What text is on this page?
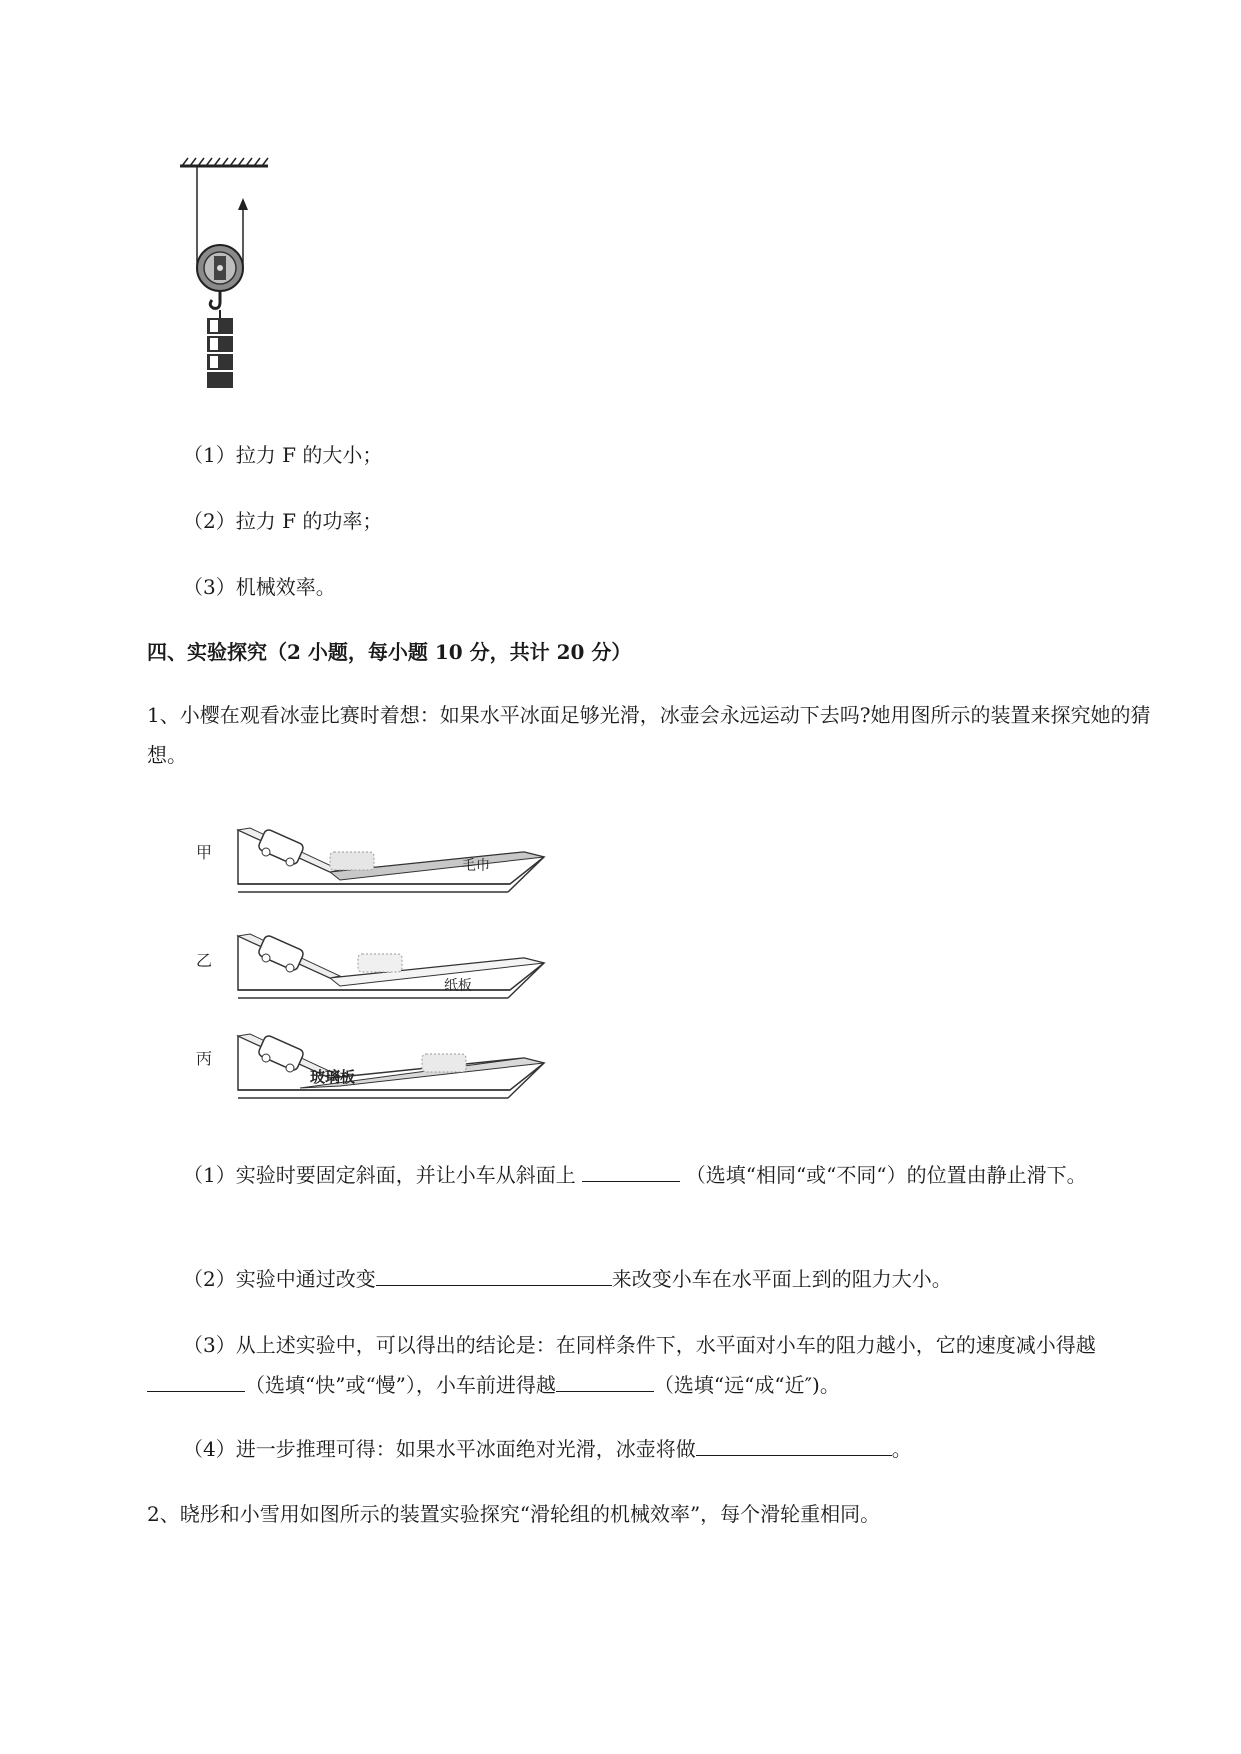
（1）拉力 F 的大小；
（2）拉力 F 的功率；
（3）机械效率。
四、实验探究（2 小题，每小题 10 分，共计 20 分）
1、小樱在观看冰壶比赛时着想：如果水平冰面足够光滑，冰壶会永远运动下去吗?她用图所示的装置来探究她的猜想。
甲
乙
丙
毛巾
纸板
玻璃板
（1）实验时要固定斜面，并让小车从斜面上	（选填“相同“或“不同“）的位置由静止滑下。
（2）实验中通过改变	来改变小车在水平面上到的阻力大小。
（3）从上述实验中，可以得出的结论是：在同样条件下，水平面对小车的阻力越小，它的速度减小得越（选填“快”或“慢”），小车前进得越	（选填“远“成“近″)。
（4）进一步推理可得：如果水平冰面绝对光滑，冰壶将做	。
2、晓彤和小雪用如图所示的装置实验探究“滑轮组的机械效率”，每个滑轮重相同。
